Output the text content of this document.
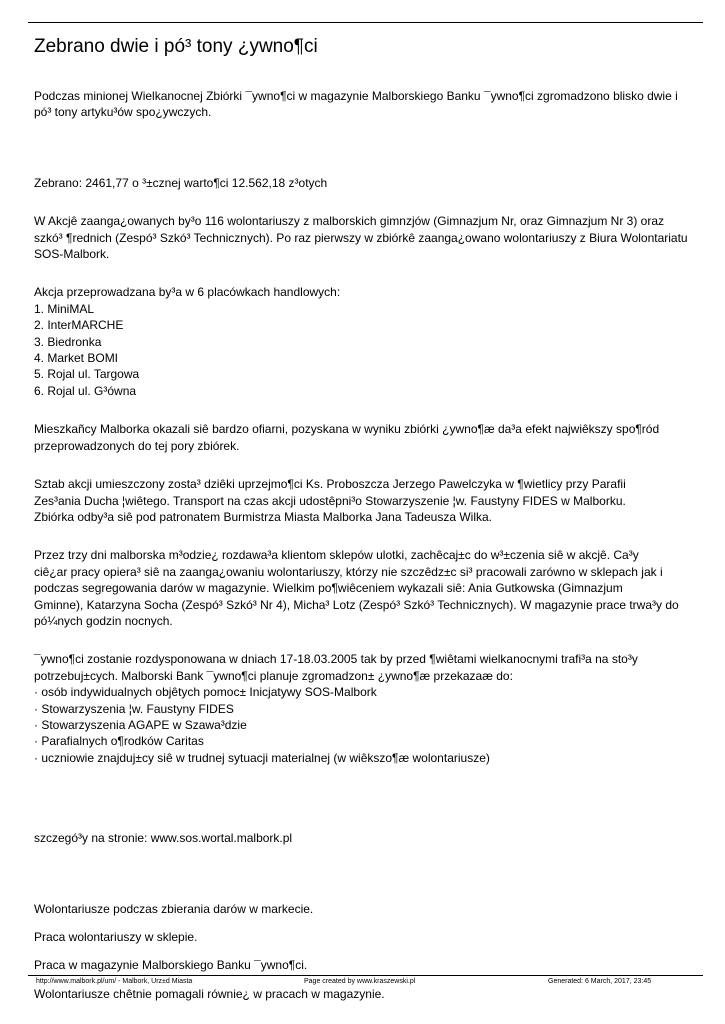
Zebrano dwie i pó³ tony ¿ywno¶ci
Podczas minionej Wielkanocnej Zbiórki ¯ywno¶ci w magazynie Malborskiego Banku ¯ywno¶ci zgromadzono blisko dwie i
pó³ tony artyku³ów spo¿ywczych.
Zebrano: 2461,77 o ³±cznej warto¶ci 12.562,18 z³otych
W Akcjê zaanga¿owanych by³o 116 wolontariuszy z malborskich gimnzjów (Gimnazjum Nr, oraz Gimnazjum Nr 3) oraz
szkó³ ¶rednich (Zespó³ Szkó³ Technicznych). Po raz pierwszy w zbiórkê zaanga¿owano wolontariuszy z Biura Wolontariatu
SOS-Malbork.
Akcja przeprowadzana by³a w 6 placówkach handlowych:
1. MiniMAL
2. InterMARCHE
3. Biedronka
4. Market BOMI
5. Rojal ul. Targowa
6. Rojal ul. G³ówna
Mieszkañcy Malborka okazali siê bardzo ofiarni, pozyskana w wyniku zbiórki ¿ywno¶æ da³a efekt najwiêkszy spo¶ród
przeprowadzonych do tej pory zbiórek.
Sztab akcji umieszczony zosta³ dziêki uprzejmo¶ci Ks. Proboszcza Jerzego Pawelczyka w ¶wietlicy przy Parafii
Zes³ania Ducha ¦wiêtego. Transport na czas akcji udostêpni³o Stowarzyszenie ¦w. Faustyny FIDES w Malborku.
Zbiórka odby³a siê pod patronatem Burmistrza Miasta Malborka Jana Tadeusza Wilka.
Przez trzy dni malborska m³odzie¿ rozdawa³a klientom sklepów ulotki, zachêcaj±c do w³±czenia siê w akcjê. Ca³y
ciê¿ar pracy opiera³ siê na zaanga¿owaniu wolontariuszy, którzy nie szczêdz±c si³ pracowali zarówno w sklepach jak i
podczas segregowania darów w magazynie. Wielkim po¶wiêceniem wykazali siê: Ania Gutkowska (Gimnazjum
Gminne), Katarzyna Socha (Zespó³ Szkó³ Nr 4), Micha³ Lotz (Zespó³ Szkó³ Technicznych). W magazynie prace trwa³y do
pó¼nych godzin nocnych.
¯ywno¶ci zostanie rozdysponowana w dniach 17-18.03.2005 tak by przed ¶wiêtami wielkanocnymi trafi³a na sto³y
potrzebuj±cych. Malborski Bank ¯ywno¶ci planuje zgromadzon± ¿ywno¶æ przekazaæ do:
· osób indywidualnych objêtych pomoc± Inicjatywy SOS-Malbork
· Stowarzyszenia ¦w. Faustyny FIDES
· Stowarzyszenia AGAPE w Szawa³dzie
· Parafialnych o¶rodków Caritas
· uczniowie znajduj±cy siê w trudnej sytuacji materialnej (w wiêkszo¶æ wolontariusze)
szczegó³y na stronie: www.sos.wortal.malbork.pl
Wolontariusze podczas zbierania darów w markecie.
Praca wolontariuszy w sklepie.
Praca w magazynie Malborskiego Banku ¯ywno¶ci.
Wolontariusze chêtnie pomagali równie¿ w pracach w magazynie.
http://www.malbork.pl/um/ - Malbork, Urz±d Miasta	Page created by www.kraszewski.pl	Generated: 6 March, 2017, 23:45
